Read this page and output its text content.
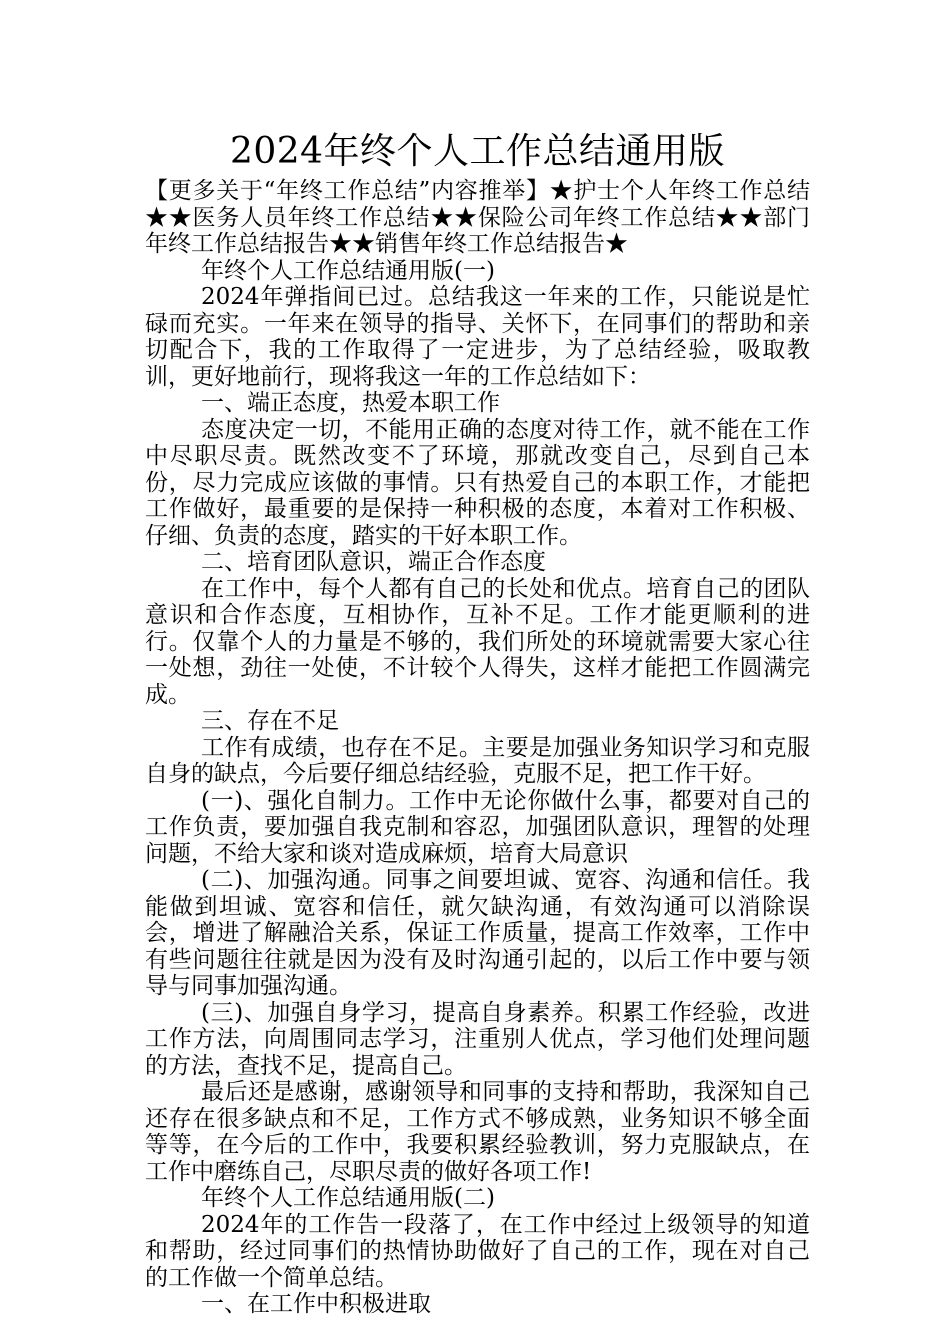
2024年终个人工作总结通用版

【更多关于“年终工作总结”内容推举】★护士个人年终工作总结★★医务人员年终工作总结★★保险公司年终工作总结★★部门年终工作总结报告★★销售年终工作总结报告★

年终个人工作总结通用版(一)

2024年弹指间已过。总结我这一年来的工作，只能说是忙碌而充实。一年来在领导的指导、关怀下，在同事们的帮助和亲切配合下，我的工作取得了一定进步，为了总结经验，吸取教训，更好地前行，现将我这一年的工作总结如下：

一、端正态度，热爱本职工作

态度决定一切，不能用正确的态度对待工作，就不能在工作中尽职尽责。既然改变不了环境，那就改变自己，尽到自己本份，尽力完成应该做的事情。只有热爱自己的本职工作，才能把工作做好，最重要的是保持一种积极的态度，本着对工作积极、仔细、负责的态度，踏实的干好本职工作。

二、培育团队意识，端正合作态度

在工作中，每个人都有自己的长处和优点。培育自己的团队意识和合作态度，互相协作，互补不足。工作才能更顺利的进行。仅靠个人的力量是不够的，我们所处的环境就需要大家心往一处想，劲往一处使，不计较个人得失，这样才能把工作圆满完成。

三、存在不足

工作有成绩，也存在不足。主要是加强业务知识学习和克服自身的缺点，今后要仔细总结经验，克服不足，把工作干好。

(一)、强化自制力。工作中无论你做什么事，都要对自己的工作负责，要加强自我克制和容忍，加强团队意识，理智的处理问题，不给大家和谈对造成麻烦，培育大局意识

(二)、加强沟通。同事之间要坦诚、宽容、沟通和信任。我能做到坦诚、宽容和信任，就欠缺沟通，有效沟通可以消除误会，增进了解融洽关系，保证工作质量，提高工作效率，工作中有些问题往往就是因为没有及时沟通引起的，以后工作中要与领导与同事加强沟通。

(三)、加强自身学习，提高自身素养。积累工作经验，改进工作方法，向周围同志学习，注重别人优点，学习他们处理问题的方法，查找不足，提高自己。

最后还是感谢，感谢领导和同事的支持和帮助，我深知自己还存在很多缺点和不足，工作方式不够成熟，业务知识不够全面等等，在今后的工作中，我要积累经验教训，努力克服缺点，在工作中磨练自己，尽职尽责的做好各项工作!

年终个人工作总结通用版(二)

2024年的工作告一段落了，在工作中经过上级领导的知道和帮助，经过同事们的热情协助做好了自己的工作，现在对自己的工作做一个简单总结。

一、在工作中积极进取
